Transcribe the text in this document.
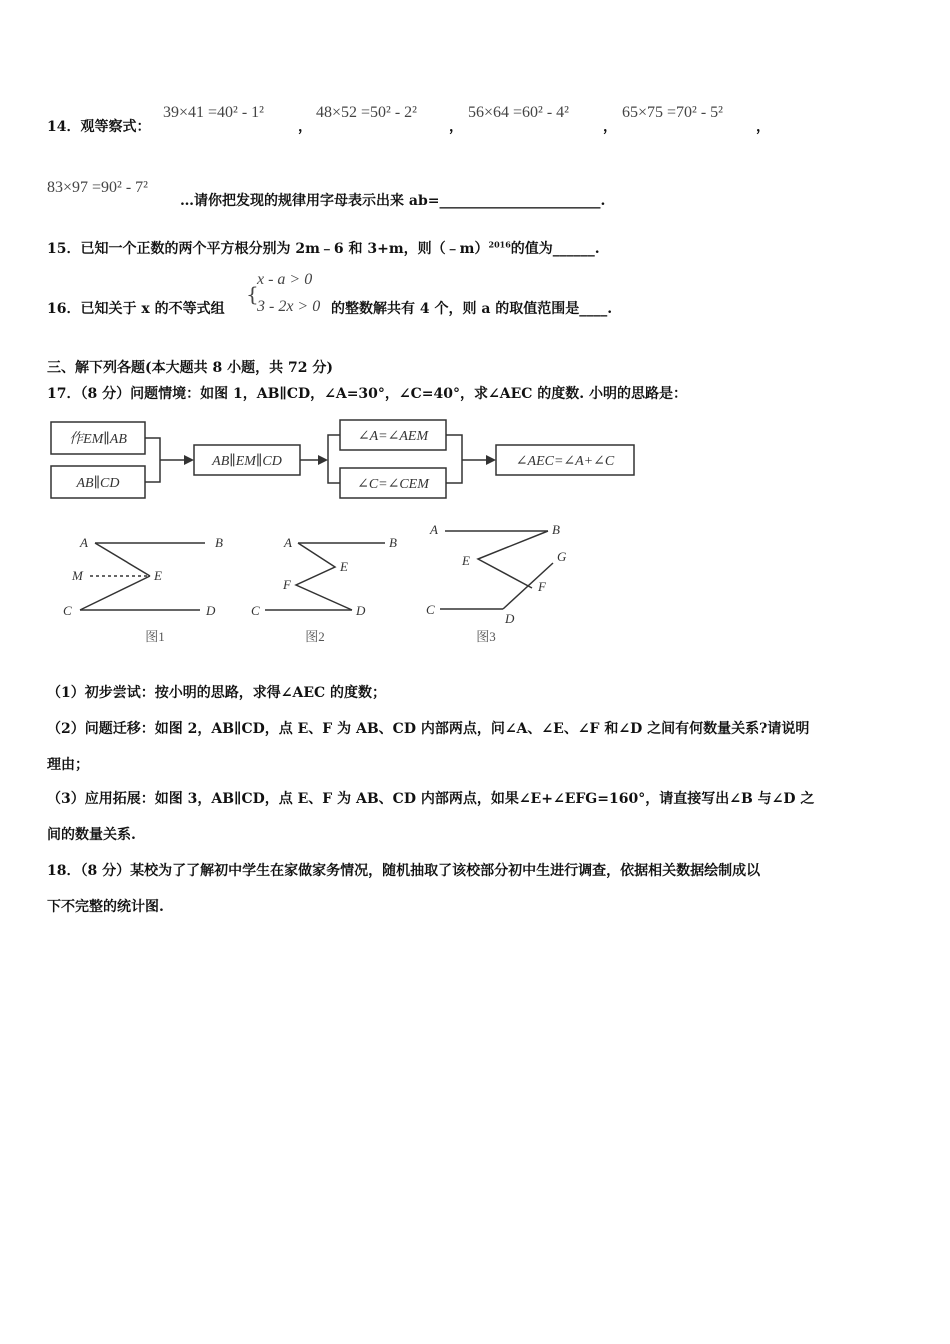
14．观等察式：
39×41 =40² - 1²
，
48×52 =50² - 2²
，
56×64 =60² - 4²
，
65×75 =70² - 5²
，
83×97 =90² - 7²
…请你把发现的规律用字母表示出来 ab=_______________________.
15．已知一个正数的两个平方根分别为 2m﹣6 和 3+m，则（﹣m）$^{2016}$的值为______.
16．已知关于 x 的不等式组
{
x - a > 0
3 - 2x > 0 的整数解共有 4 个，则 a 的取值范围是____.
三、解下列各题(本大题共 8 小题，共 72 分)
17．（8 分）问题情境：如图 1，AB∥CD，∠A=30°，∠C=40°，求∠AEC 的度数. 小明的思路是：
作EM∥AB
AB∥CD
AB∥EM∥CD
∠A=∠AEM
∠C=∠CEM
∠AEC=∠A+∠C
A	B
M	E
C	D
A	B
E
F
C	D
A	B
E	G
F
C
D
图1	图2	图3
（1）初步尝试：按小明的思路，求得∠AEC 的度数；
（2）问题迁移：如图 2，AB∥CD，点 E、F 为 AB、CD 内部两点，问∠A、∠E、∠F 和∠D 之间有何数量关系?请说明
理由；
（3）应用拓展：如图 3，AB∥CD，点 E、F 为 AB、CD 内部两点，如果∠E+∠EFG=160°，请直接写出∠B 与∠D 之
间的数量关系.
18．（8 分）某校为了了解初中学生在家做家务情况，随机抽取了该校部分初中生进行调查，依据相关数据绘制成以
下不完整的统计图.
